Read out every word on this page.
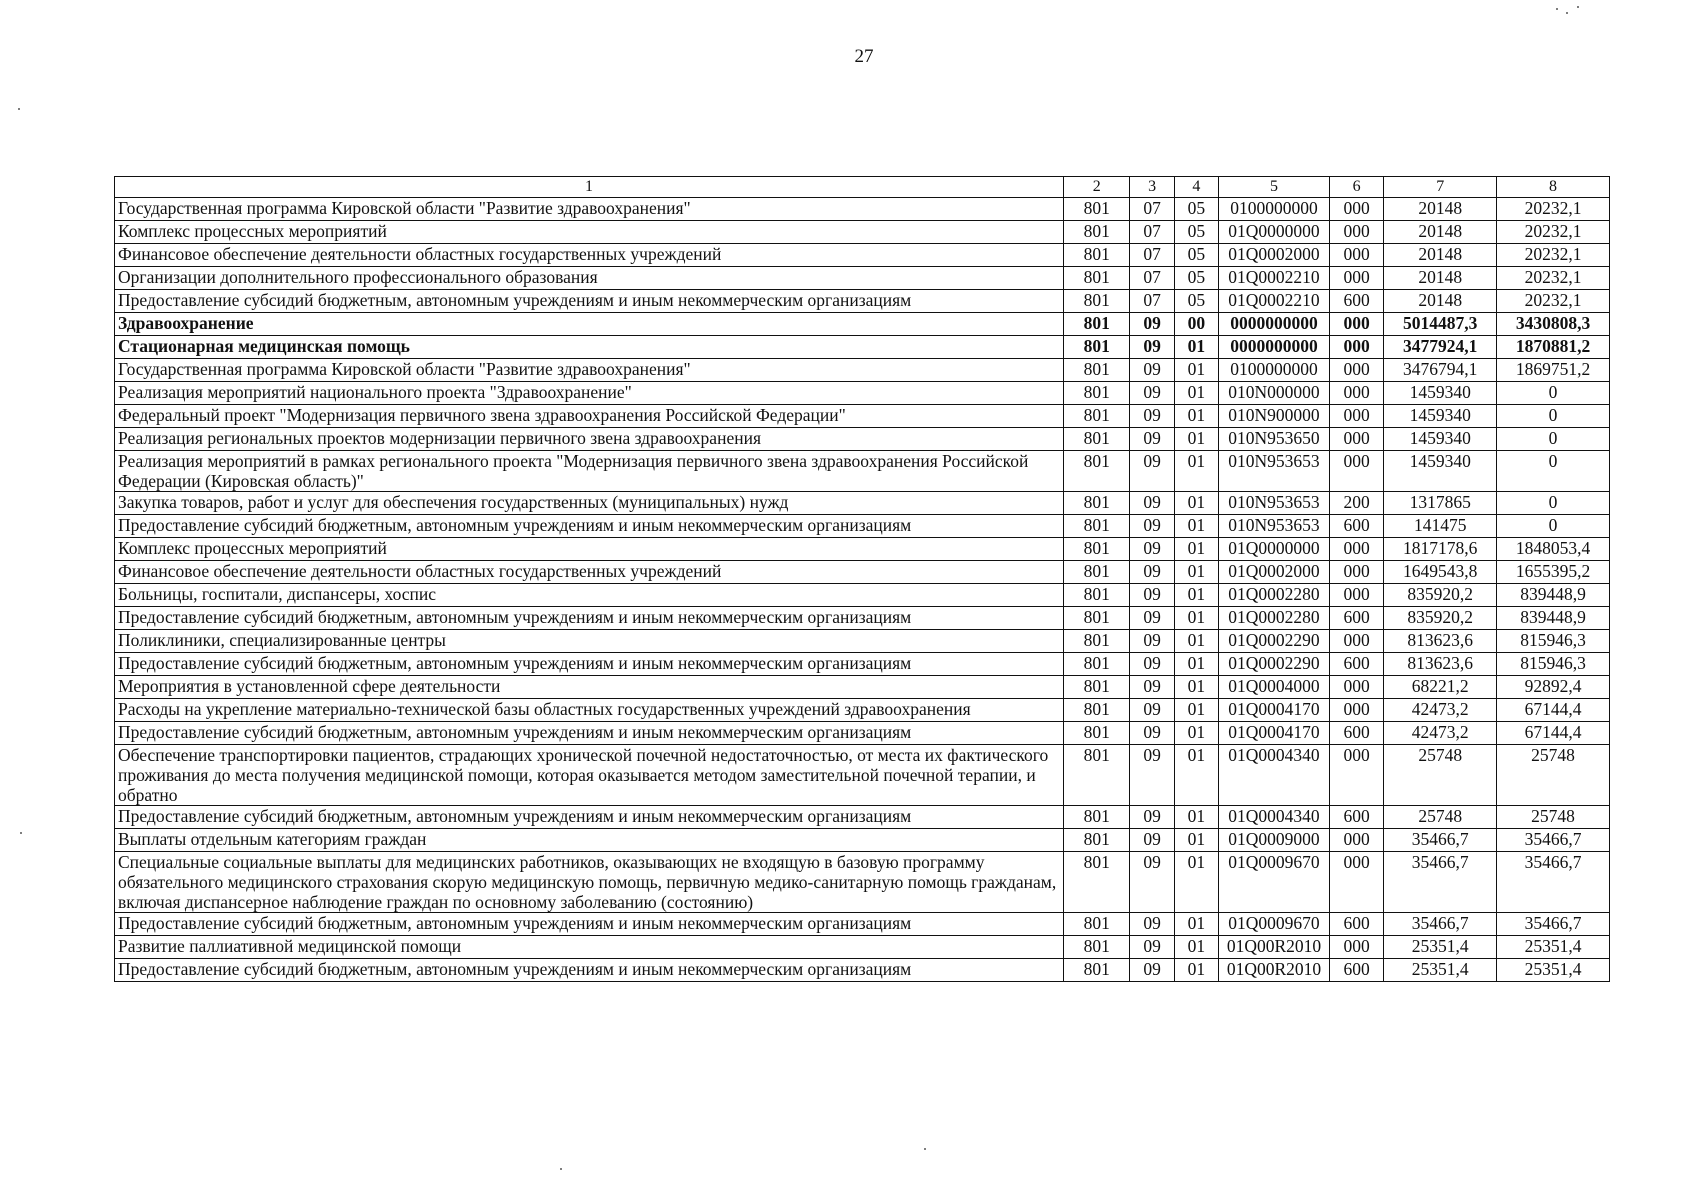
27
1	2	3	4	5	6	7	8
Государственная программа Кировской области "Развитие здравоохранения"	801	07	05	0100000000	000	20148	20232,1
Комплекс процессных мероприятий	801	07	05	01Q0000000	000	20148	20232,1
Финансовое обеспечение деятельности областных государственных учреждений	801	07	05	01Q0002000	000	20148	20232,1
Организации дополнительного профессионального образования	801	07	05	01Q0002210	000	20148	20232,1
Предоставление субсидий бюджетным, автономным учреждениям и иным некоммерческим организациям	801	07	05	01Q0002210	600	20148	20232,1
Здравоохранение	801	09	00	0000000000	000	5014487,3	3430808,3
Стационарная медицинская помощь	801	09	01	0000000000	000	3477924,1	1870881,2
Государственная программа Кировской области "Развитие здравоохранения"	801	09	01	0100000000	000	3476794,1	1869751,2
Реализация мероприятий национального проекта "Здравоохранение"	801	09	01	010N000000	000	1459340	0
Федеральный проект "Модернизация первичного звена здравоохранения Российской Федерации"	801	09	01	010N900000	000	1459340	0
Реализация региональных проектов модернизации первичного звена здравоохранения	801	09	01	010N953650	000	1459340	0
Реализация мероприятий в рамках регионального проекта "Модернизация первичного звена здравоохранения Российской Федерации (Кировская область)"	801	09	01	010N953653	000	1459340	0
Закупка товаров, работ и услуг для обеспечения государственных (муниципальных) нужд	801	09	01	010N953653	200	1317865	0
Предоставление субсидий бюджетным, автономным учреждениям и иным некоммерческим организациям	801	09	01	010N953653	600	141475	0
Комплекс процессных мероприятий	801	09	01	01Q0000000	000	1817178,6	1848053,4
Финансовое обеспечение деятельности областных государственных учреждений	801	09	01	01Q0002000	000	1649543,8	1655395,2
Больницы, госпитали, диспансеры, хоспис	801	09	01	01Q0002280	000	835920,2	839448,9
Предоставление субсидий бюджетным, автономным учреждениям и иным некоммерческим организациям	801	09	01	01Q0002280	600	835920,2	839448,9
Поликлиники, специализированные центры	801	09	01	01Q0002290	000	813623,6	815946,3
Предоставление субсидий бюджетным, автономным учреждениям и иным некоммерческим организациям	801	09	01	01Q0002290	600	813623,6	815946,3
Мероприятия в установленной сфере деятельности	801	09	01	01Q0004000	000	68221,2	92892,4
Расходы на укрепление материально-технической базы областных государственных учреждений здравоохранения	801	09	01	01Q0004170	000	42473,2	67144,4
Предоставление субсидий бюджетным, автономным учреждениям и иным некоммерческим организациям	801	09	01	01Q0004170	600	42473,2	67144,4
Обеспечение транспортировки пациентов, страдающих хронической почечной недостаточностью, от места их фактического проживания до места получения медицинской помощи, которая оказывается методом заместительной почечной терапии, и обратно	801	09	01	01Q0004340	000	25748	25748
Предоставление субсидий бюджетным, автономным учреждениям и иным некоммерческим организациям	801	09	01	01Q0004340	600	25748	25748
Выплаты отдельным категориям граждан	801	09	01	01Q0009000	000	35466,7	35466,7
Специальные социальные выплаты для медицинских работников, оказывающих не входящую в базовую программу обязательного медицинского страхования скорую медицинскую помощь, первичную медико-санитарную помощь гражданам, включая диспансерное наблюдение граждан по основному заболеванию (состоянию)	801	09	01	01Q0009670	000	35466,7	35466,7
Предоставление субсидий бюджетным, автономным учреждениям и иным некоммерческим организациям	801	09	01	01Q0009670	600	35466,7	35466,7
Развитие паллиативной медицинской помощи	801	09	01	01Q00R2010	000	25351,4	25351,4
Предоставление субсидий бюджетным, автономным учреждениям и иным некоммерческим организациям	801	09	01	01Q00R2010	600	25351,4	25351,4
